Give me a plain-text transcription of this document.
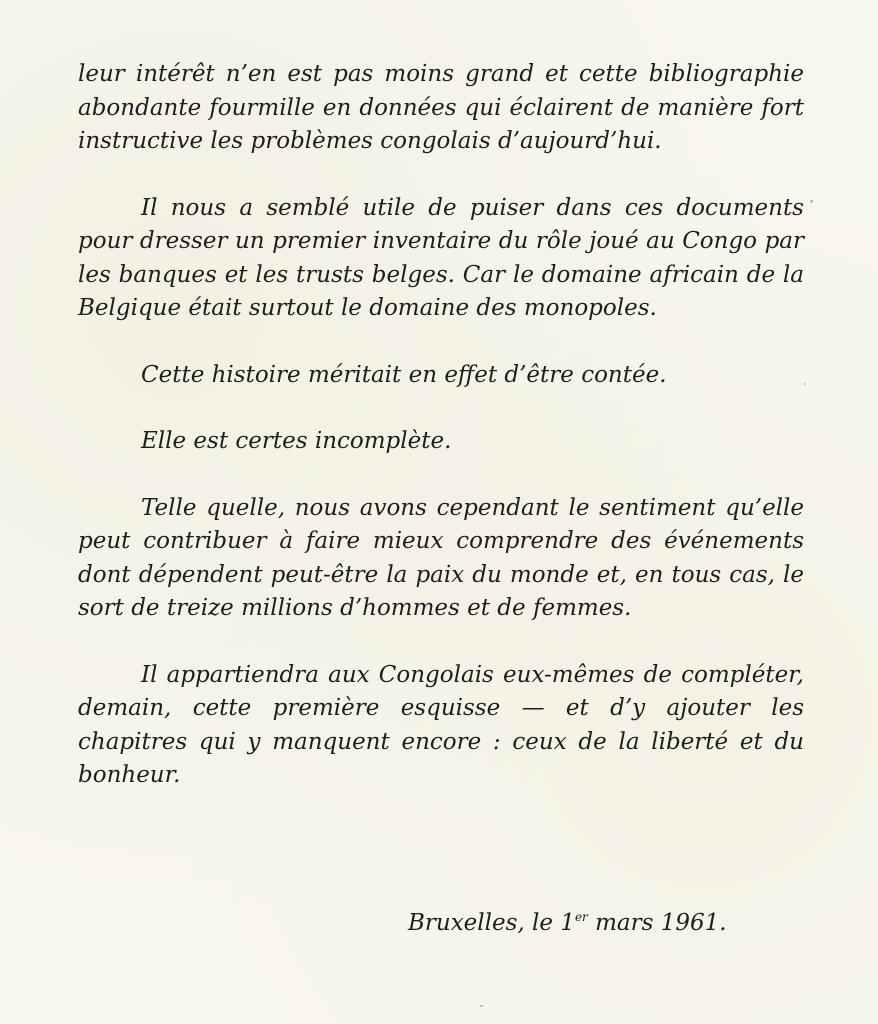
leur intérêt n’en est pas moins grand et cette bibliographie abondante fourmille en données qui éclairent de manière fort instructive les problèmes congolais d’aujourd’hui.

Il nous a semblé utile de puiser dans ces documents pour dresser un premier inventaire du rôle joué au Congo par les banques et les trusts belges. Car le domaine africain de la Belgique était surtout le domaine des monopoles.

Cette histoire méritait en effet d’être contée.

Elle est certes incomplète.

Telle quelle, nous avons cependant le sentiment qu’elle peut contribuer à faire mieux comprendre des événements dont dépendent peut-être la paix du monde et, en tous cas, le sort de treize millions d’hommes et de femmes.

Il appartiendra aux Congolais eux-mêmes de compléter, demain, cette première esquisse — et d’y ajouter les chapitres qui y manquent encore : ceux de la liberté et du bonheur.

Bruxelles, le 1er mars 1961.
